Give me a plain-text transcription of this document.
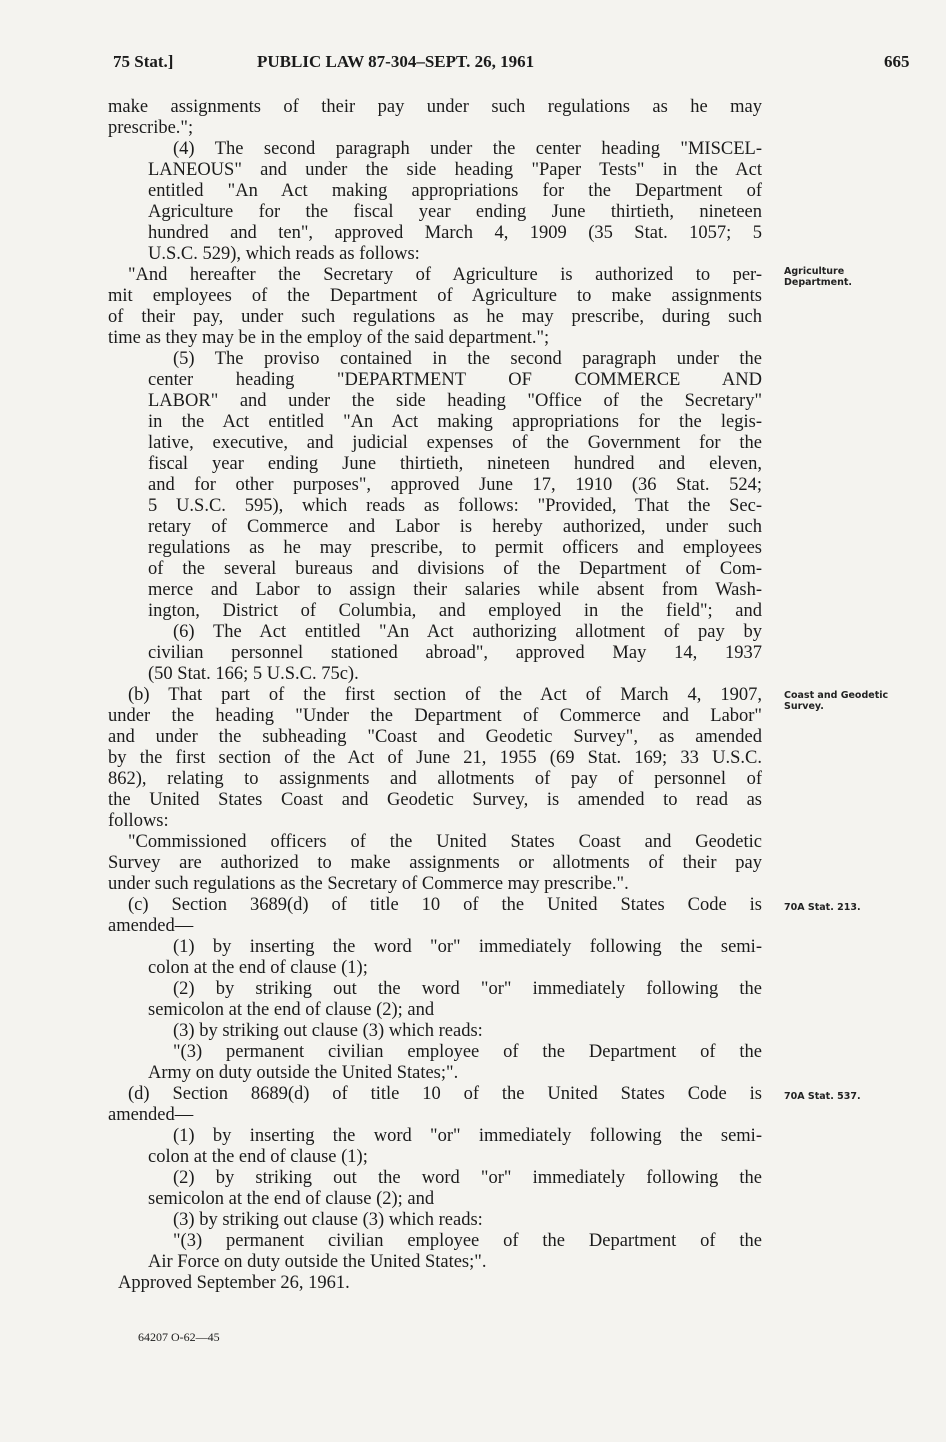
75 Stat.]	PUBLIC LAW 87-304–SEPT. 26, 1961	665
make assignments of their pay under such regulations as he may
prescribe.";
(4) The second paragraph under the center heading "MISCEL-
LANEOUS" and under the side heading "Paper Tests" in the Act
entitled "An Act making appropriations for the Department of
Agriculture for the fiscal year ending June thirtieth, nineteen
hundred and ten", approved March 4, 1909 (35 Stat. 1057; 5
U.S.C. 529), which reads as follows:
"And hereafter the Secretary of Agriculture is authorized to per-
mit employees of the Department of Agriculture to make assignments
of their pay, under such regulations as he may prescribe, during such
time as they may be in the employ of the said department.";
(5) The proviso contained in the second paragraph under the
center heading "DEPARTMENT OF COMMERCE AND
LABOR" and under the side heading "Office of the Secretary"
in the Act entitled "An Act making appropriations for the legis-
lative, executive, and judicial expenses of the Government for the
fiscal year ending June thirtieth, nineteen hundred and eleven,
and for other purposes", approved June 17, 1910 (36 Stat. 524;
5 U.S.C. 595), which reads as follows: "Provided, That the Sec-
retary of Commerce and Labor is hereby authorized, under such
regulations as he may prescribe, to permit officers and employees
of the several bureaus and divisions of the Department of Com-
merce and Labor to assign their salaries while absent from Wash-
ington, District of Columbia, and employed in the field"; and
(6) The Act entitled "An Act authorizing allotment of pay by
civilian personnel stationed abroad", approved May 14, 1937
(50 Stat. 166; 5 U.S.C. 75c).
(b) That part of the first section of the Act of March 4, 1907,
under the heading "Under the Department of Commerce and Labor"
and under the subheading "Coast and Geodetic Survey", as amended
by the first section of the Act of June 21, 1955 (69 Stat. 169; 33 U.S.C.
862), relating to assignments and allotments of pay of personnel of
the United States Coast and Geodetic Survey, is amended to read as
follows:
"Commissioned officers of the United States Coast and Geodetic
Survey are authorized to make assignments or allotments of their pay
under such regulations as the Secretary of Commerce may prescribe.".
(c) Section 3689(d) of title 10 of the United States Code is
amended—
(1) by inserting the word "or" immediately following the semi-
colon at the end of clause (1);
(2) by striking out the word "or" immediately following the
semicolon at the end of clause (2); and
(3) by striking out clause (3) which reads:
"(3) permanent civilian employee of the Department of the
Army on duty outside the United States;".
(d) Section 8689(d) of title 10 of the United States Code is
amended—
(1) by inserting the word "or" immediately following the semi-
colon at the end of clause (1);
(2) by striking out the word "or" immediately following the
semicolon at the end of clause (2); and
(3) by striking out clause (3) which reads:
"(3) permanent civilian employee of the Department of the
Air Force on duty outside the United States;".
Approved September 26, 1961.
Agriculture Department.
Coast and Geodetic Survey.
70A Stat. 213.
70A Stat. 537.
64207 O-62—45
